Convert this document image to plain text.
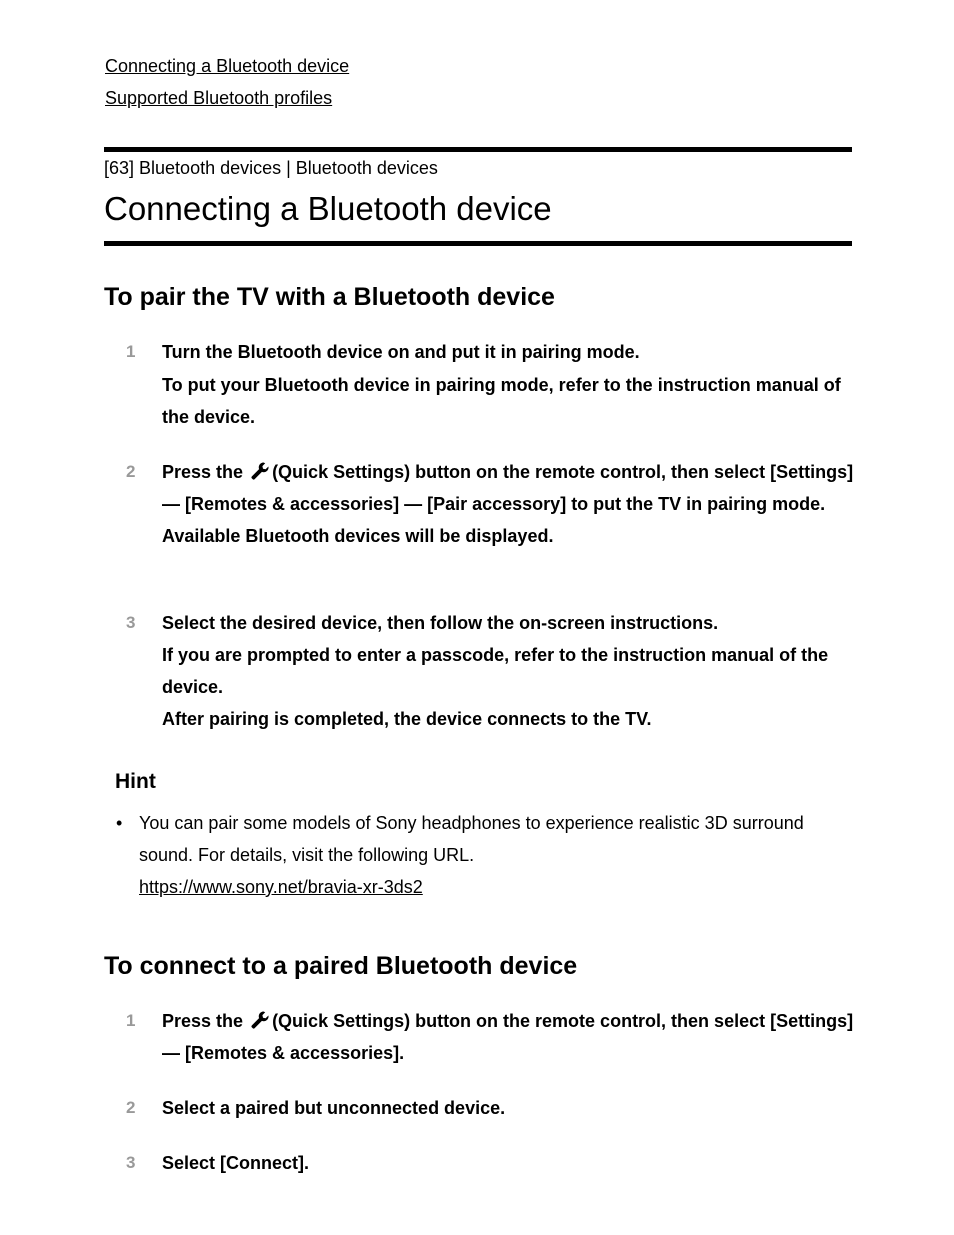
Connecting a Bluetooth device
Supported Bluetooth profiles
[63] Bluetooth devices | Bluetooth devices
Connecting a Bluetooth device
To pair the TV with a Bluetooth device
1 Turn the Bluetooth device on and put it in pairing mode.
To put your Bluetooth device in pairing mode, refer to the instruction manual of the device.
2 Press the (Quick Settings) button on the remote control, then select [Settings] — [Remotes & accessories] — [Pair accessory] to put the TV in pairing mode.
Available Bluetooth devices will be displayed.
3 Select the desired device, then follow the on-screen instructions.
If you are prompted to enter a passcode, refer to the instruction manual of the device.
After pairing is completed, the device connects to the TV.
Hint
• You can pair some models of Sony headphones to experience realistic 3D surround sound. For details, visit the following URL.
https://www.sony.net/bravia-xr-3ds2
To connect to a paired Bluetooth device
1 Press the (Quick Settings) button on the remote control, then select [Settings] — [Remotes & accessories].
2 Select a paired but unconnected device.
3 Select [Connect].
